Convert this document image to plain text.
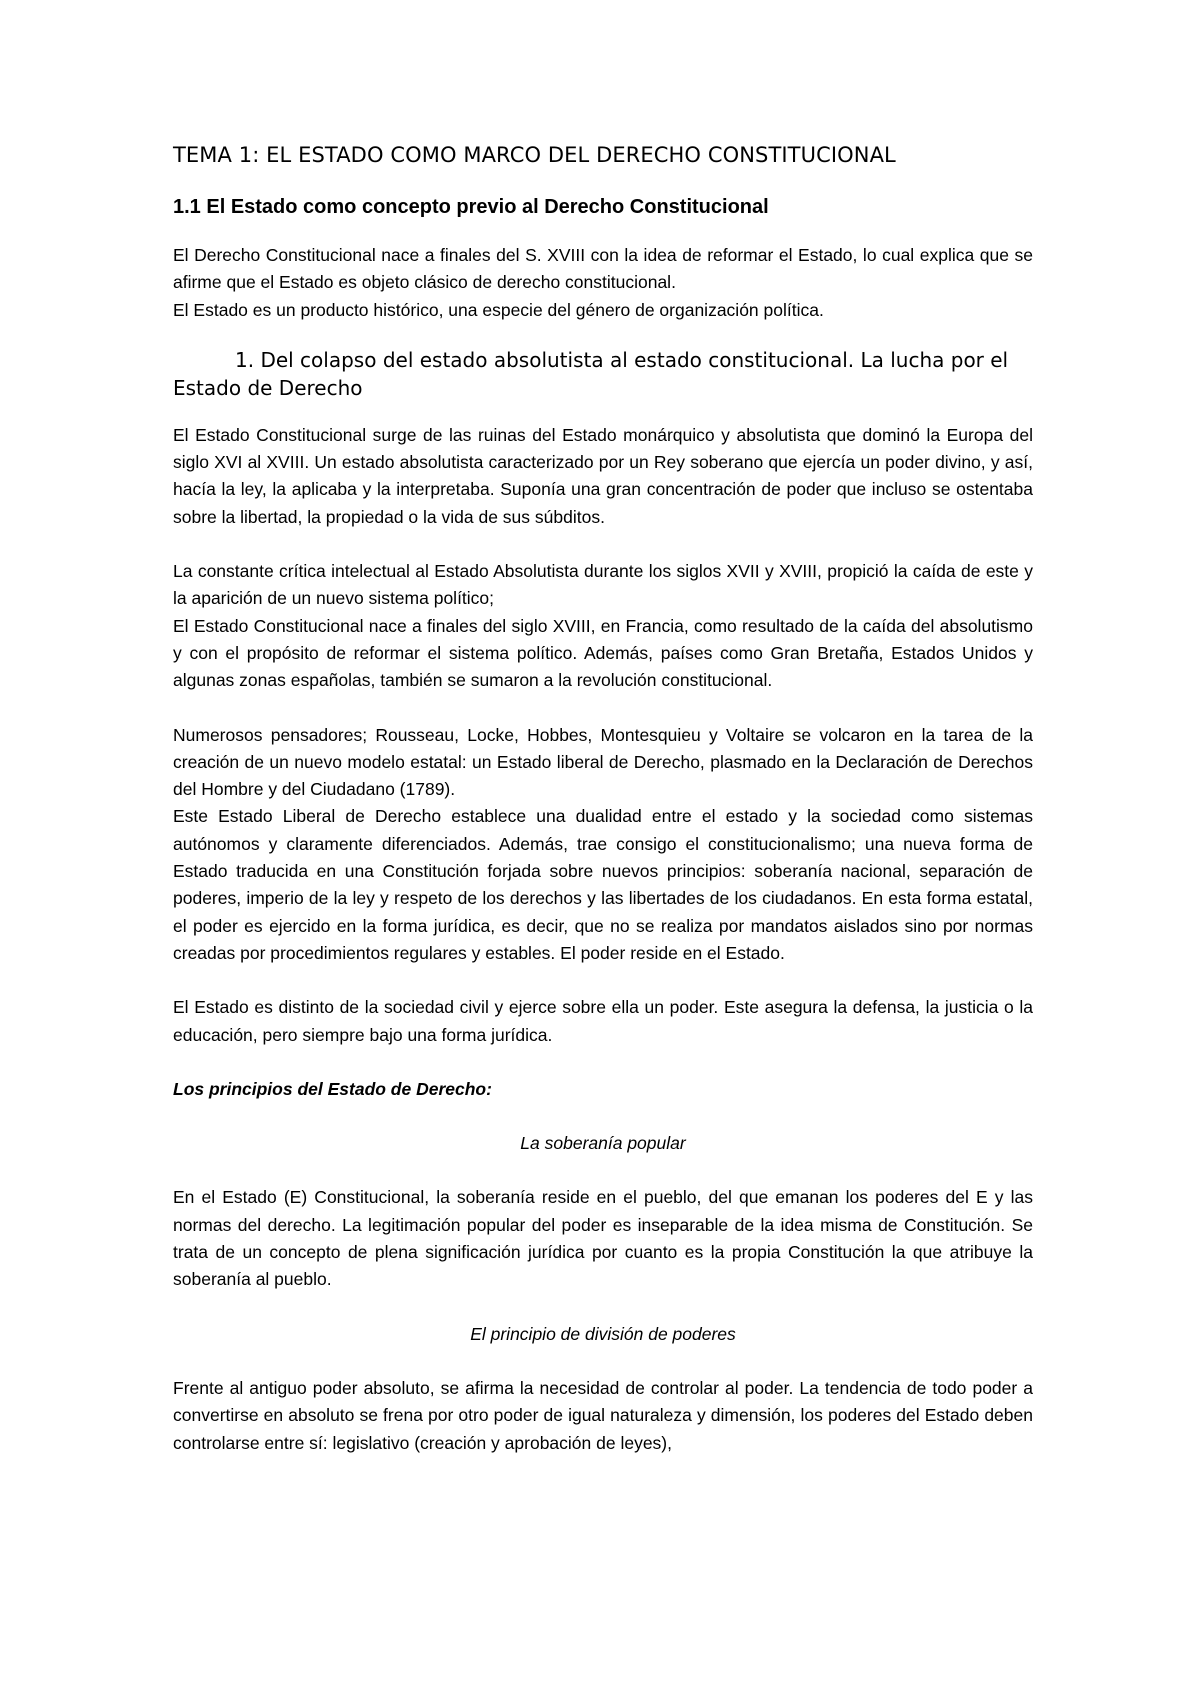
TEMA 1: EL ESTADO COMO MARCO DEL DERECHO CONSTITUCIONAL
1.1 El Estado como concepto previo al Derecho Constitucional

El Derecho Constitucional nace a finales del S. XVIII con la idea de reformar el Estado, lo cual explica que se afirme que el Estado es objeto clásico de derecho constitucional.

El Estado es un producto histórico, una especie del género de organización política.

1. Del colapso del estado absolutista al estado constitucional. La lucha por el Estado de Derecho

El Estado Constitucional surge de las ruinas del Estado monárquico y absolutista que dominó la Europa del siglo XVI al XVIII. Un estado absolutista caracterizado por un Rey soberano que ejercía un poder divino, y así, hacía la ley, la aplicaba y la interpretaba. Suponía una gran concentración de poder que incluso se ostentaba sobre la libertad, la propiedad o la vida de sus súbditos.

La constante crítica intelectual al Estado Absolutista durante los siglos XVII y XVIII, propició la caída de este y la aparición de un nuevo sistema político;

El Estado Constitucional nace a finales del siglo XVIII, en Francia, como resultado de la caída del absolutismo y con el propósito de reformar el sistema político. Además, países como Gran Bretaña, Estados Unidos y algunas zonas españolas, también se sumaron a la revolución constitucional.

Numerosos pensadores; Rousseau, Locke, Hobbes, Montesquieu y Voltaire se volcaron en la tarea de la creación de un nuevo modelo estatal: un Estado liberal de Derecho, plasmado en la Declaración de Derechos del Hombre y del Ciudadano (1789).

Este Estado Liberal de Derecho establece una dualidad entre el estado y la sociedad como sistemas autónomos y claramente diferenciados. Además, trae consigo el constitucionalismo; una nueva forma de Estado traducida en una Constitución forjada sobre nuevos principios: soberanía nacional, separación de poderes, imperio de la ley y respeto de los derechos y las libertades de los ciudadanos. En esta forma estatal, el poder es ejercido en la forma jurídica, es decir, que no se realiza por mandatos aislados sino por normas creadas por procedimientos regulares y estables. El poder reside en el Estado.

El Estado es distinto de la sociedad civil y ejerce sobre ella un poder. Este asegura la defensa, la justicia o la educación, pero siempre bajo una forma jurídica.

Los principios del Estado de Derecho:
La soberanía popular

En el Estado (E) Constitucional, la soberanía reside en el pueblo, del que emanan los poderes del E y las normas del derecho. La legitimación popular del poder es inseparable de la idea misma de Constitución. Se trata de un concepto de plena significación jurídica por cuanto es la propia Constitución la que atribuye la soberanía al pueblo.

El principio de división de poderes

Frente al antiguo poder absoluto, se afirma la necesidad de controlar al poder. La tendencia de todo poder a convertirse en absoluto se frena por otro poder de igual naturaleza y dimensión, los poderes del Estado deben controlarse entre sí: legislativo (creación y aprobación de leyes),
